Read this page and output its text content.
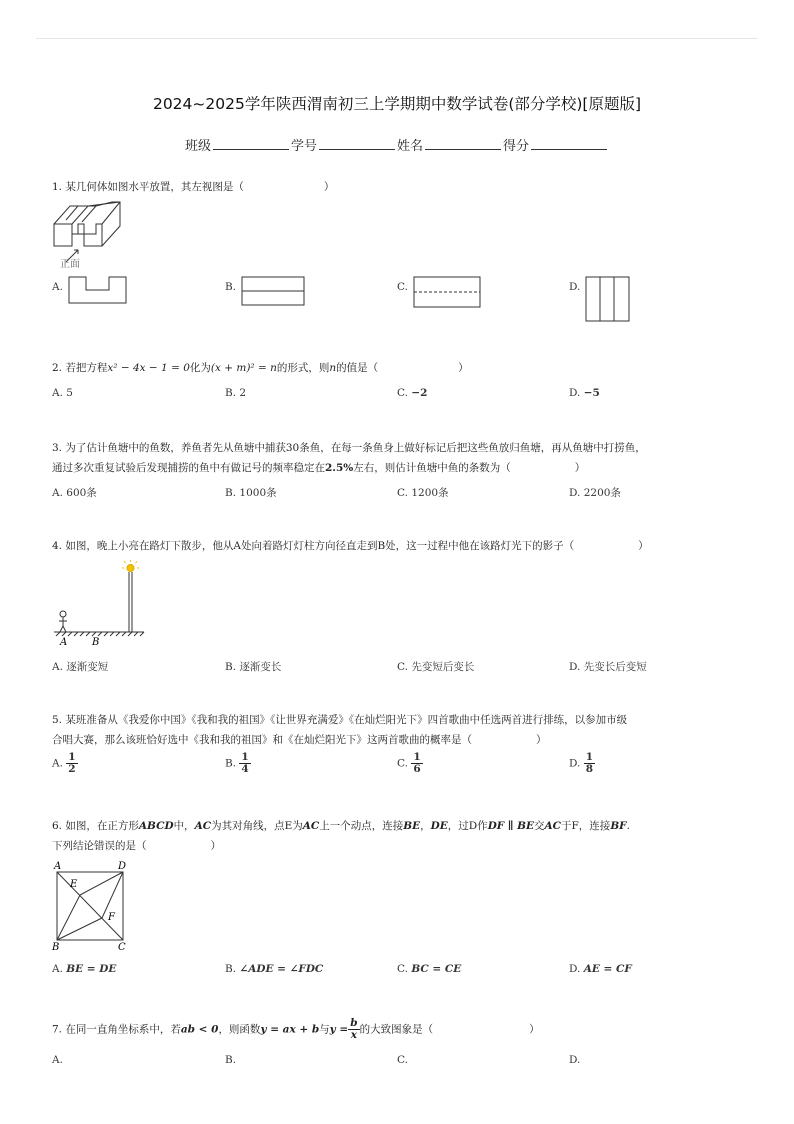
2024~2025学年陕西渭南初三上学期期中数学试卷(部分学校)[原题版]
班级	学号	姓名	得分
1. 某几何体如图水平放置，其左视图是（	）
正面
A.	B.	C.	D.
2. 若把方程x² − 4x − 1 = 0化为(x + m)² = n的形式，则n的值是（	）
A. 5	B. 2	C. −2	D. −5
3. 为了估计鱼塘中的鱼数，养鱼者先从鱼塘中捕获30条鱼，在每一条鱼身上做好标记后把这些鱼放归鱼塘，再从鱼塘中打捞鱼，
通过多次重复试验后发现捕捞的鱼中有做记号的频率稳定在2.5%左右，则估计鱼塘中鱼的条数为（	）
A. 600条	B. 1000条	C. 1200条	D. 2200条
4. 如图，晚上小亮在路灯下散步，他从A处向着路灯灯柱方向径直走到B处，这一过程中他在该路灯光下的影子（	）
A B
A. 逐渐变短	B. 逐渐变长	C. 先变短后变长	D. 先变长后变短
5. 某班准备从《我爱你中国》《我和我的祖国》《让世界充满爱》《在灿烂阳光下》四首歌曲中任选两首进行排练，以参加市级
合唱大赛，那么该班恰好选中《我和我的祖国》和《在灿烂阳光下》这两首歌曲的概率是（	）
A. $\frac{1}{2}$	B. $\frac{1}{4}$	C. $\frac{1}{6}$	D. $\frac{1}{8}$
6. 如图，在正方形ABCD中，AC为其对角线，点E为AC上一个动点，连接BE，DE，过D作DF ∥ BE交AC于F，连接BF.
下列结论错误的是（	）
A	D
E
F
B	C
A. BE = DE	B. ∠ADE = ∠FDC	C. BC = CE	D. AE = CF
7. 在同一直角坐标系中，若ab < 0，则函数y = ax + b与$y = \frac{b}{x}$ 的大致图象是（	）
A.	B.	C.	D.
